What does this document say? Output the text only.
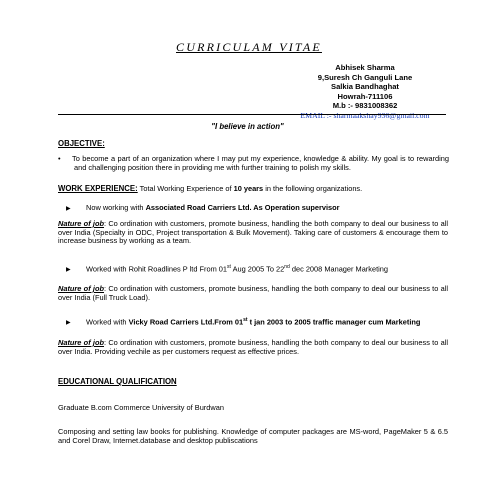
CURRICULAM VITAE
Abhisek Sharma
9,Suresh Ch Ganguli Lane
Salkia Bandhaghat
Howrah-711106
M.b :- 9831008362
EMAIL :- sharmaakshay936@gmail.com
"I believe in action"
OBJECTIVE:
• To become a part of an organization where I may put my experience, knowledge & ability. My goal is to rewarding and challenging position there in providing me with further training to polish my skills.
WORK EXPERIENCE: Total Working Experience of 10 years in the following organizations.
▶ Now working with Associated Road Carriers Ltd. As Operation supervisor
Nature of job: Co ordination with customers, promote business, handling the both company to deal our business to all over India (Specialty in ODC, Project transportation & Bulk Movement). Taking care of customers & encourage them to increase business by working as a team.
▶ Worked with Rohit Roadlines P ltd From 01st Aug 2005 To 22nd dec 2008 Manager Marketing
Nature of job: Co ordination with customers, promote business, handling the both company to deal our business to all over India (Full Truck Load).
▶ Worked with Vicky Road Carriers Ltd.From 01st t jan 2003 to 2005 traffic manager cum Marketing
Nature of job: Co ordination with customers, promote business, handling the both company to deal our business to all over India. Providing vechile as per customers request as effective prices.
EDUCATIONAL QUALIFICATION
Graduate B.com Commerce University of Burdwan
Composing and setting law books for publishing. Knowledge of computer packages are MS-word, PageMaker 5 & 6.5 and Corel Draw, Internet.database and desktop publiscations
